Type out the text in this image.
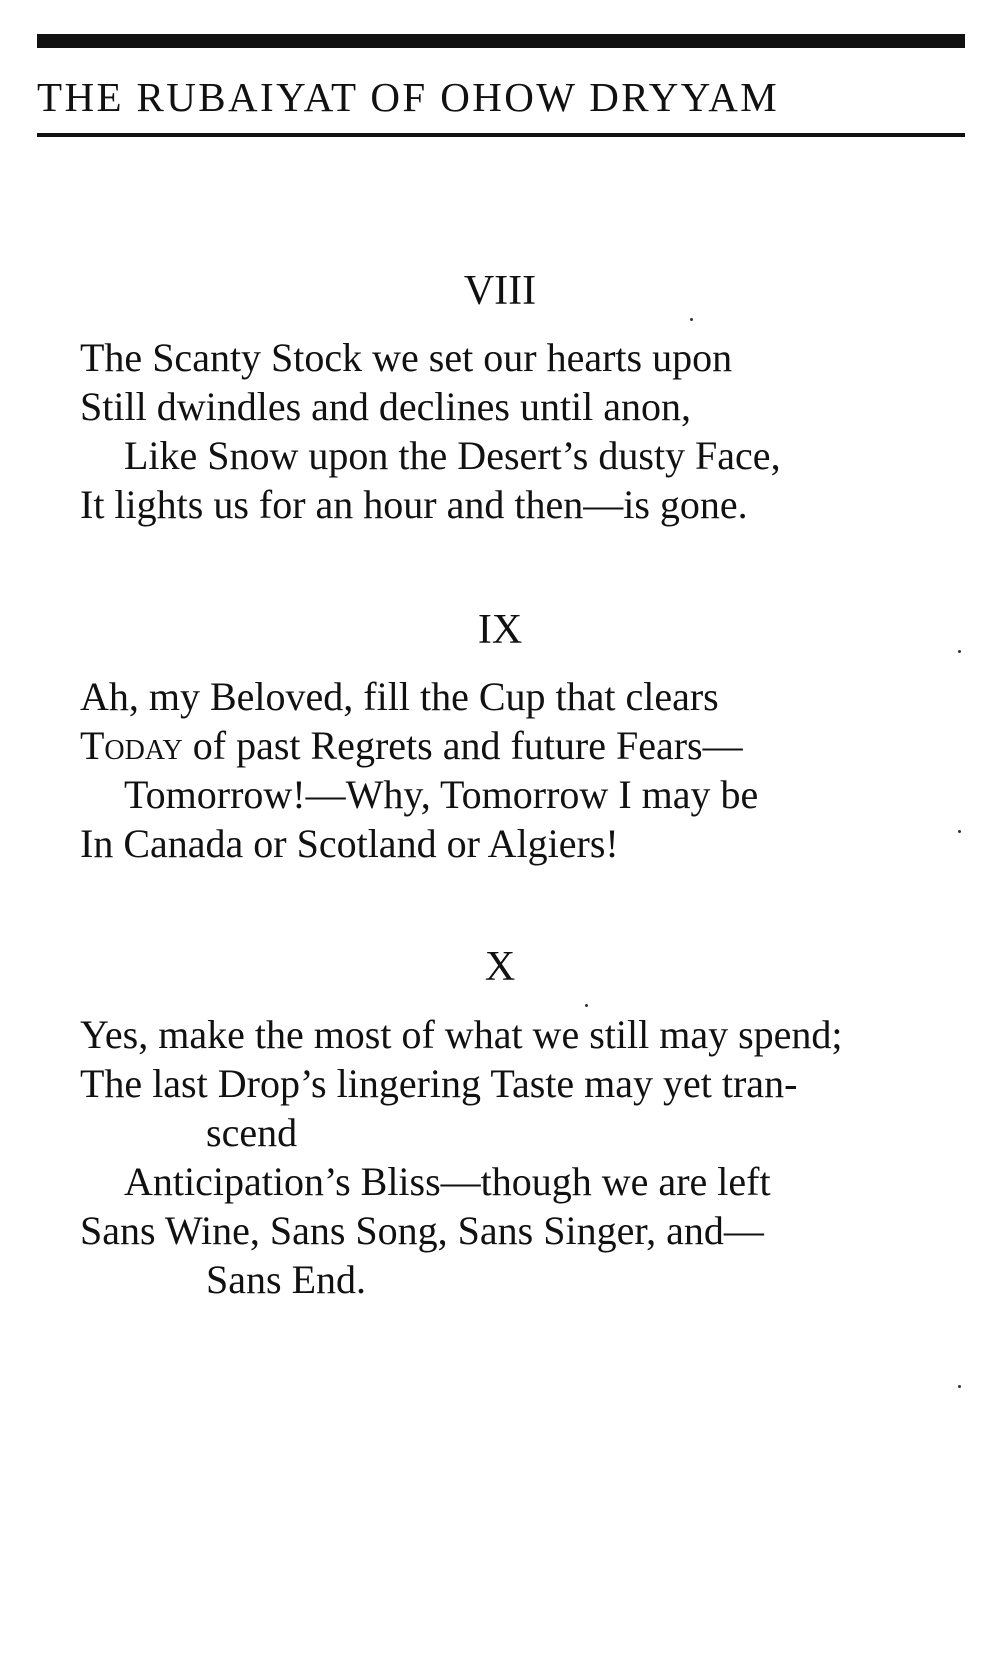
THE RUBAIYAT OF OHOW DRYYAM
VIII

The Scanty Stock we set our hearts upon

Still dwindles and declines until anon,

Like Snow upon the Desert’s dusty Face,

It lights us for an hour and then—is gone.

IX

Ah, my Beloved, fill the Cup that clears

Today of past Regrets and future Fears—

Tomorrow!—Why, Tomorrow I may be

In Canada or Scotland or Algiers!

X

Yes, make the most of what we still may spend;

The last Drop’s lingering Taste may yet tran-

scend

Anticipation’s Bliss—though we are left

Sans Wine, Sans Song, Sans Singer, and—

Sans End.
